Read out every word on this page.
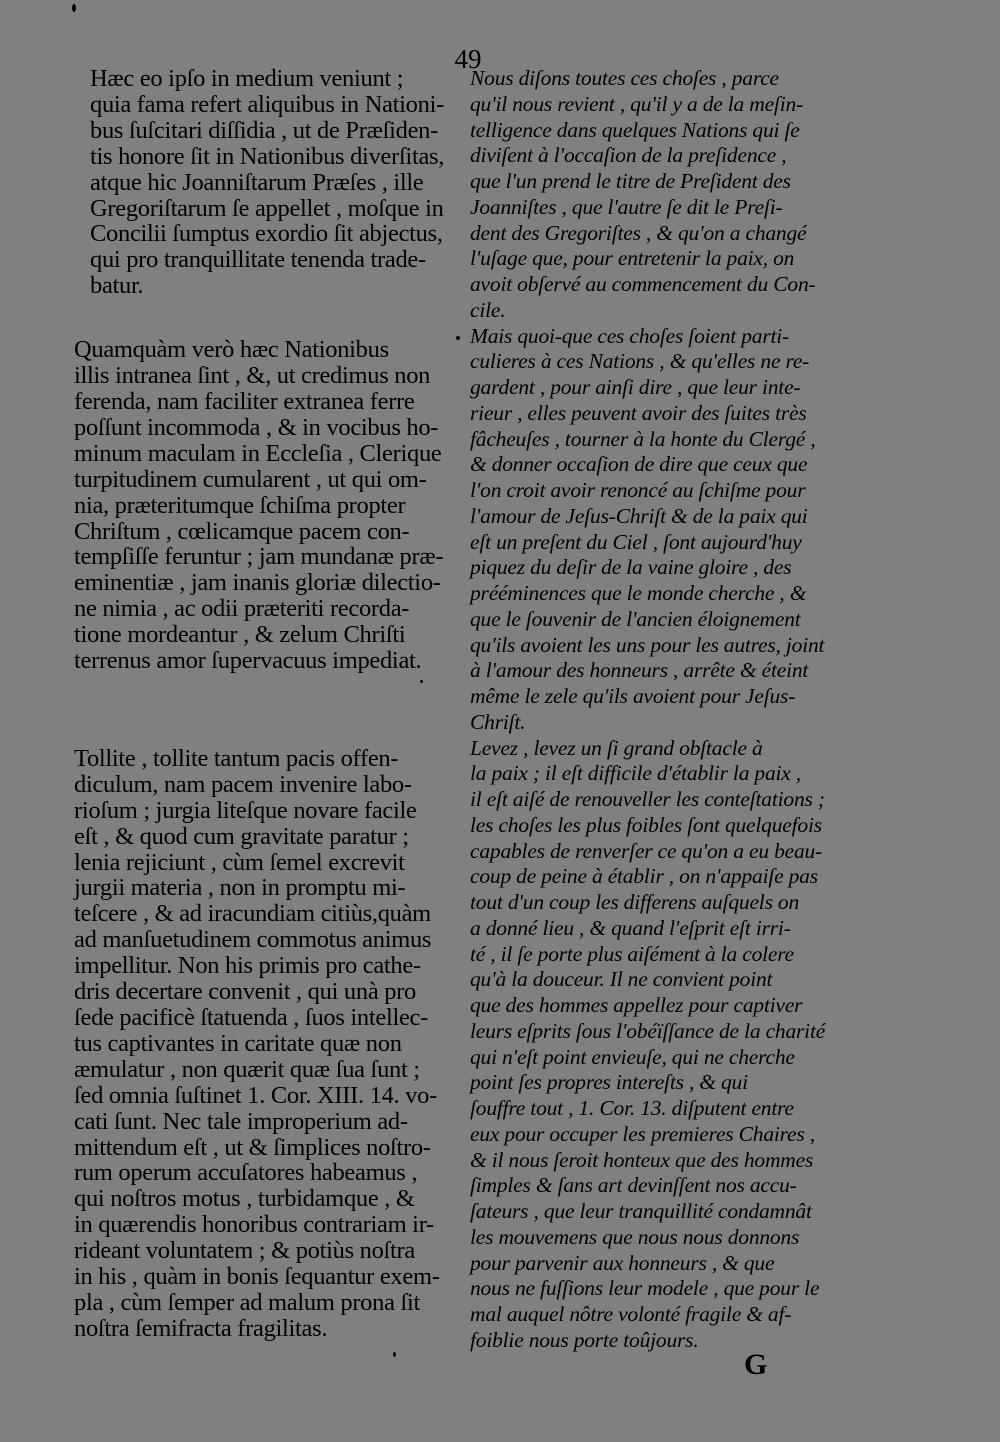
49
Hæc eo ipſo in medium veniunt ;
quia fama refert aliquibus in Nationi-
bus ſuſcitari diſſidia , ut de Præſiden-
tis honore ſit in Nationibus diverſitas,
atque hic Joanniſtarum Præſes , ille
Gregoriſtarum ſe appellet , moſque in
Concilii ſumptus exordio ſit abjectus,
qui pro tranquillitate tenenda trade-
batur.
Quamquàm verò hæc Nationibus
illis intranea ſint , &, ut credimus non
ferenda, nam faciliter extranea ferre
poſſunt incommoda , & in vocibus ho-
minum maculam in Eccleſia , Clerique
turpitudinem cumularent , ut qui om-
nia, præteritumque ſchiſma propter
Chriſtum , cœlicamque pacem con-
tempſiſſe feruntur ; jam mundanæ præ-
eminentiæ , jam inanis gloriæ dilectio-
ne nimia , ac odii præteriti recorda-
tione mordeantur , & zelum Chriſti
terrenus amor ſupervacuus impediat.
Tollite , tollite tantum pacis offen-
diculum, nam pacem invenire labo-
rioſum ; jurgia liteſque novare facile
eſt , & quod cum gravitate paratur ;
lenia rejiciunt , cùm ſemel excrevit
jurgii materia , non in promptu mi-
teſcere , & ad iracundiam citiùs,quàm
ad manſuetudinem commotus animus
impellitur. Non his primis pro cathe-
dris decertare convenit , qui unà pro
ſede pacificè ſtatuenda , ſuos intellec-
tus captivantes in caritate quæ non
æmulatur , non quærit quæ ſua ſunt ;
ſed omnia ſuſtinet 1. Cor. XIII. 14. vo-
cati ſunt. Nec tale improperium ad-
mittendum eſt , ut & ſimplices noſtro-
rum operum accuſatores habeamus ,
qui noſtros motus , turbidamque , &
in quærendis honoribus contrariam ir-
rideant voluntatem ; & potiùs noſtra
in his , quàm in bonis ſequantur exem-
pla , cùm ſemper ad malum prona ſit
noſtra ſemifracta fragilitas.
Nous diſons toutes ces choſes , parce
qu'il nous revient , qu'il y a de la meſin-
telligence dans quelques Nations qui ſe
diviſent à l'occaſion de la preſidence ,
que l'un prend le titre de Preſident des
Joanniſtes , que l'autre ſe dit le Preſi-
dent des Gregoriſtes , & qu'on a changé
l'uſage que, pour entretenir la paix, on
avoit obſervé au commencement du Con-
cile.
Mais quoi-que ces choſes ſoient parti-
culieres à ces Nations , & qu'elles ne re-
gardent , pour ainſi dire , que leur inte-
rieur , elles peuvent avoir des ſuites très
fâcheuſes , tourner à la honte du Clergé ,
& donner occaſion de dire que ceux que
l'on croit avoir renoncé au ſchiſme pour
l'amour de Jeſus-Chriſt & de la paix qui
eſt un preſent du Ciel , ſont aujourd'huy
piquez du deſir de la vaine gloire , des
prééminences que le monde cherche , &
que le ſouvenir de l'ancien éloignement
qu'ils avoient les uns pour les autres, joint
à l'amour des honneurs , arrête & éteint
même le zele qu'ils avoient pour Jeſus-
Chriſt.
Levez , levez un ſi grand obſtacle à
la paix ; il eſt difficile d'établir la paix ,
il eſt aiſé de renouveller les conteſtations ;
les choſes les plus foibles ſont quelquefois
capables de renverſer ce qu'on a eu beau-
coup de peine à établir , on n'appaiſe pas
tout d'un coup les differens auſquels on
a donné lieu , & quand l'eſprit eſt irri-
té , il ſe porte plus aiſément à la colere
qu'à la douceur. Il ne convient point
que des hommes appellez pour captiver
leurs eſprits ſous l'obéïſſance de la charité
qui n'eſt point envieuſe, qui ne cherche
point ſes propres intereſts , & qui
ſouffre tout , 1. Cor. 13. diſputent entre
eux pour occuper les premieres Chaires ,
& il nous ſeroit honteux que des hommes
ſimples & ſans art devinſſent nos accu-
ſateurs , que leur tranquillité condamnât
les mouvemens que nous nous donnons
pour parvenir aux honneurs , & que
nous ne fuſſions leur modele , que pour le
mal auquel nôtre volonté fragile & af-
foiblie nous porte toûjours.
G
